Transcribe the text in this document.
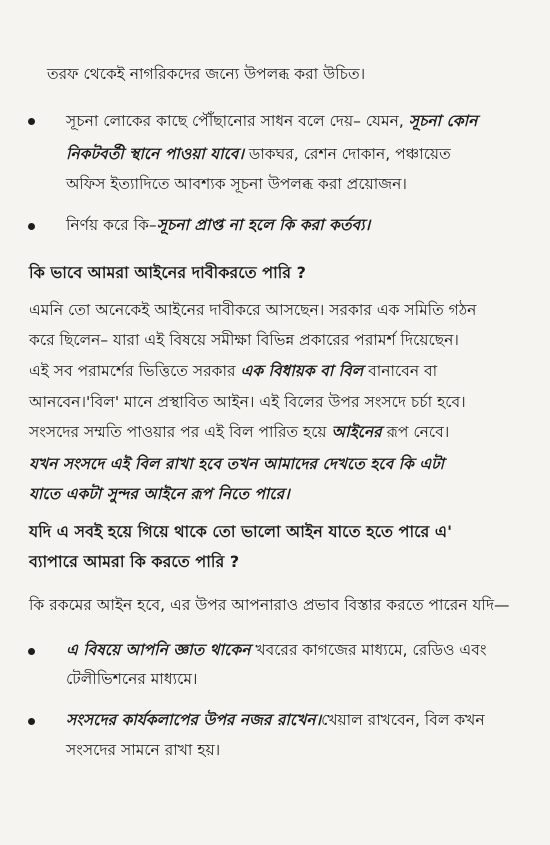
তরফ থেকেই নাগরিকদের জন্যে উপলব্ধ করা উচিত।
সূচনা লোকের কাছে পৌঁছানোর সাধন বলে দেয়– যেমন, সূচনা কোন
নিকটবর্তী স্থানে পাওয়া যাবে। ডাকঘর, রেশন দোকান, পঞ্চায়েত
অফিস ইত্যাদিতে আবশ্যক সূচনা উপলব্ধ করা প্রয়োজন।
নির্ণয় করে কি–সূচনা প্রাপ্ত না হলে কি করা কর্তব্য।
কি ভাবে আমরা আইনের দাবীকরতে পারি ?
এমনি তো অনেকেই আইনের দাবীকরে আসছেন। সরকার এক সমিতি গঠন
করে ছিলেন– যারা এই বিষয়ে সমীক্ষা বিভিন্ন প্রকারের পরামর্শ দিয়েছেন।
এই সব পরামর্শের ভিত্তিতে সরকার এক বিধায়ক বা বিল বানাবেন বা
আনবেন।'বিল' মানে প্রস্থাবিত আইন। এই বিলের উপর সংসদে চর্চা হবে।
সংসদের সম্মতি পাওয়ার পর এই বিল পারিত হয়ে আইনের রূপ নেবে।
যখন সংসদে এই বিল রাখা হবে তখন আমাদের দেখতে হবে কি এটা
যাতে একটা সুন্দর আইনে রূপ নিতে পারে।
যদি এ সবই হয়ে গিয়ে থাকে তো ভালো আইন যাতে হতে পারে এ'
ব্যাপারে আমরা কি করতে পারি ?
কি রকমের আইন হবে, এর উপর আপনারাও প্রভাব বিস্তার করতে পারেন যদি—
এ বিষয়ে আপনি জ্ঞাত থাকেন খবরের কাগজের মাধ্যমে, রেডিও এবং
টেলীভিশনের মাধ্যমে।
সংসদের কার্যকলাপের উপর নজর রাখেন।খেয়াল রাখবেন, বিল কখন
সংসদের সামনে রাখা হয়।
